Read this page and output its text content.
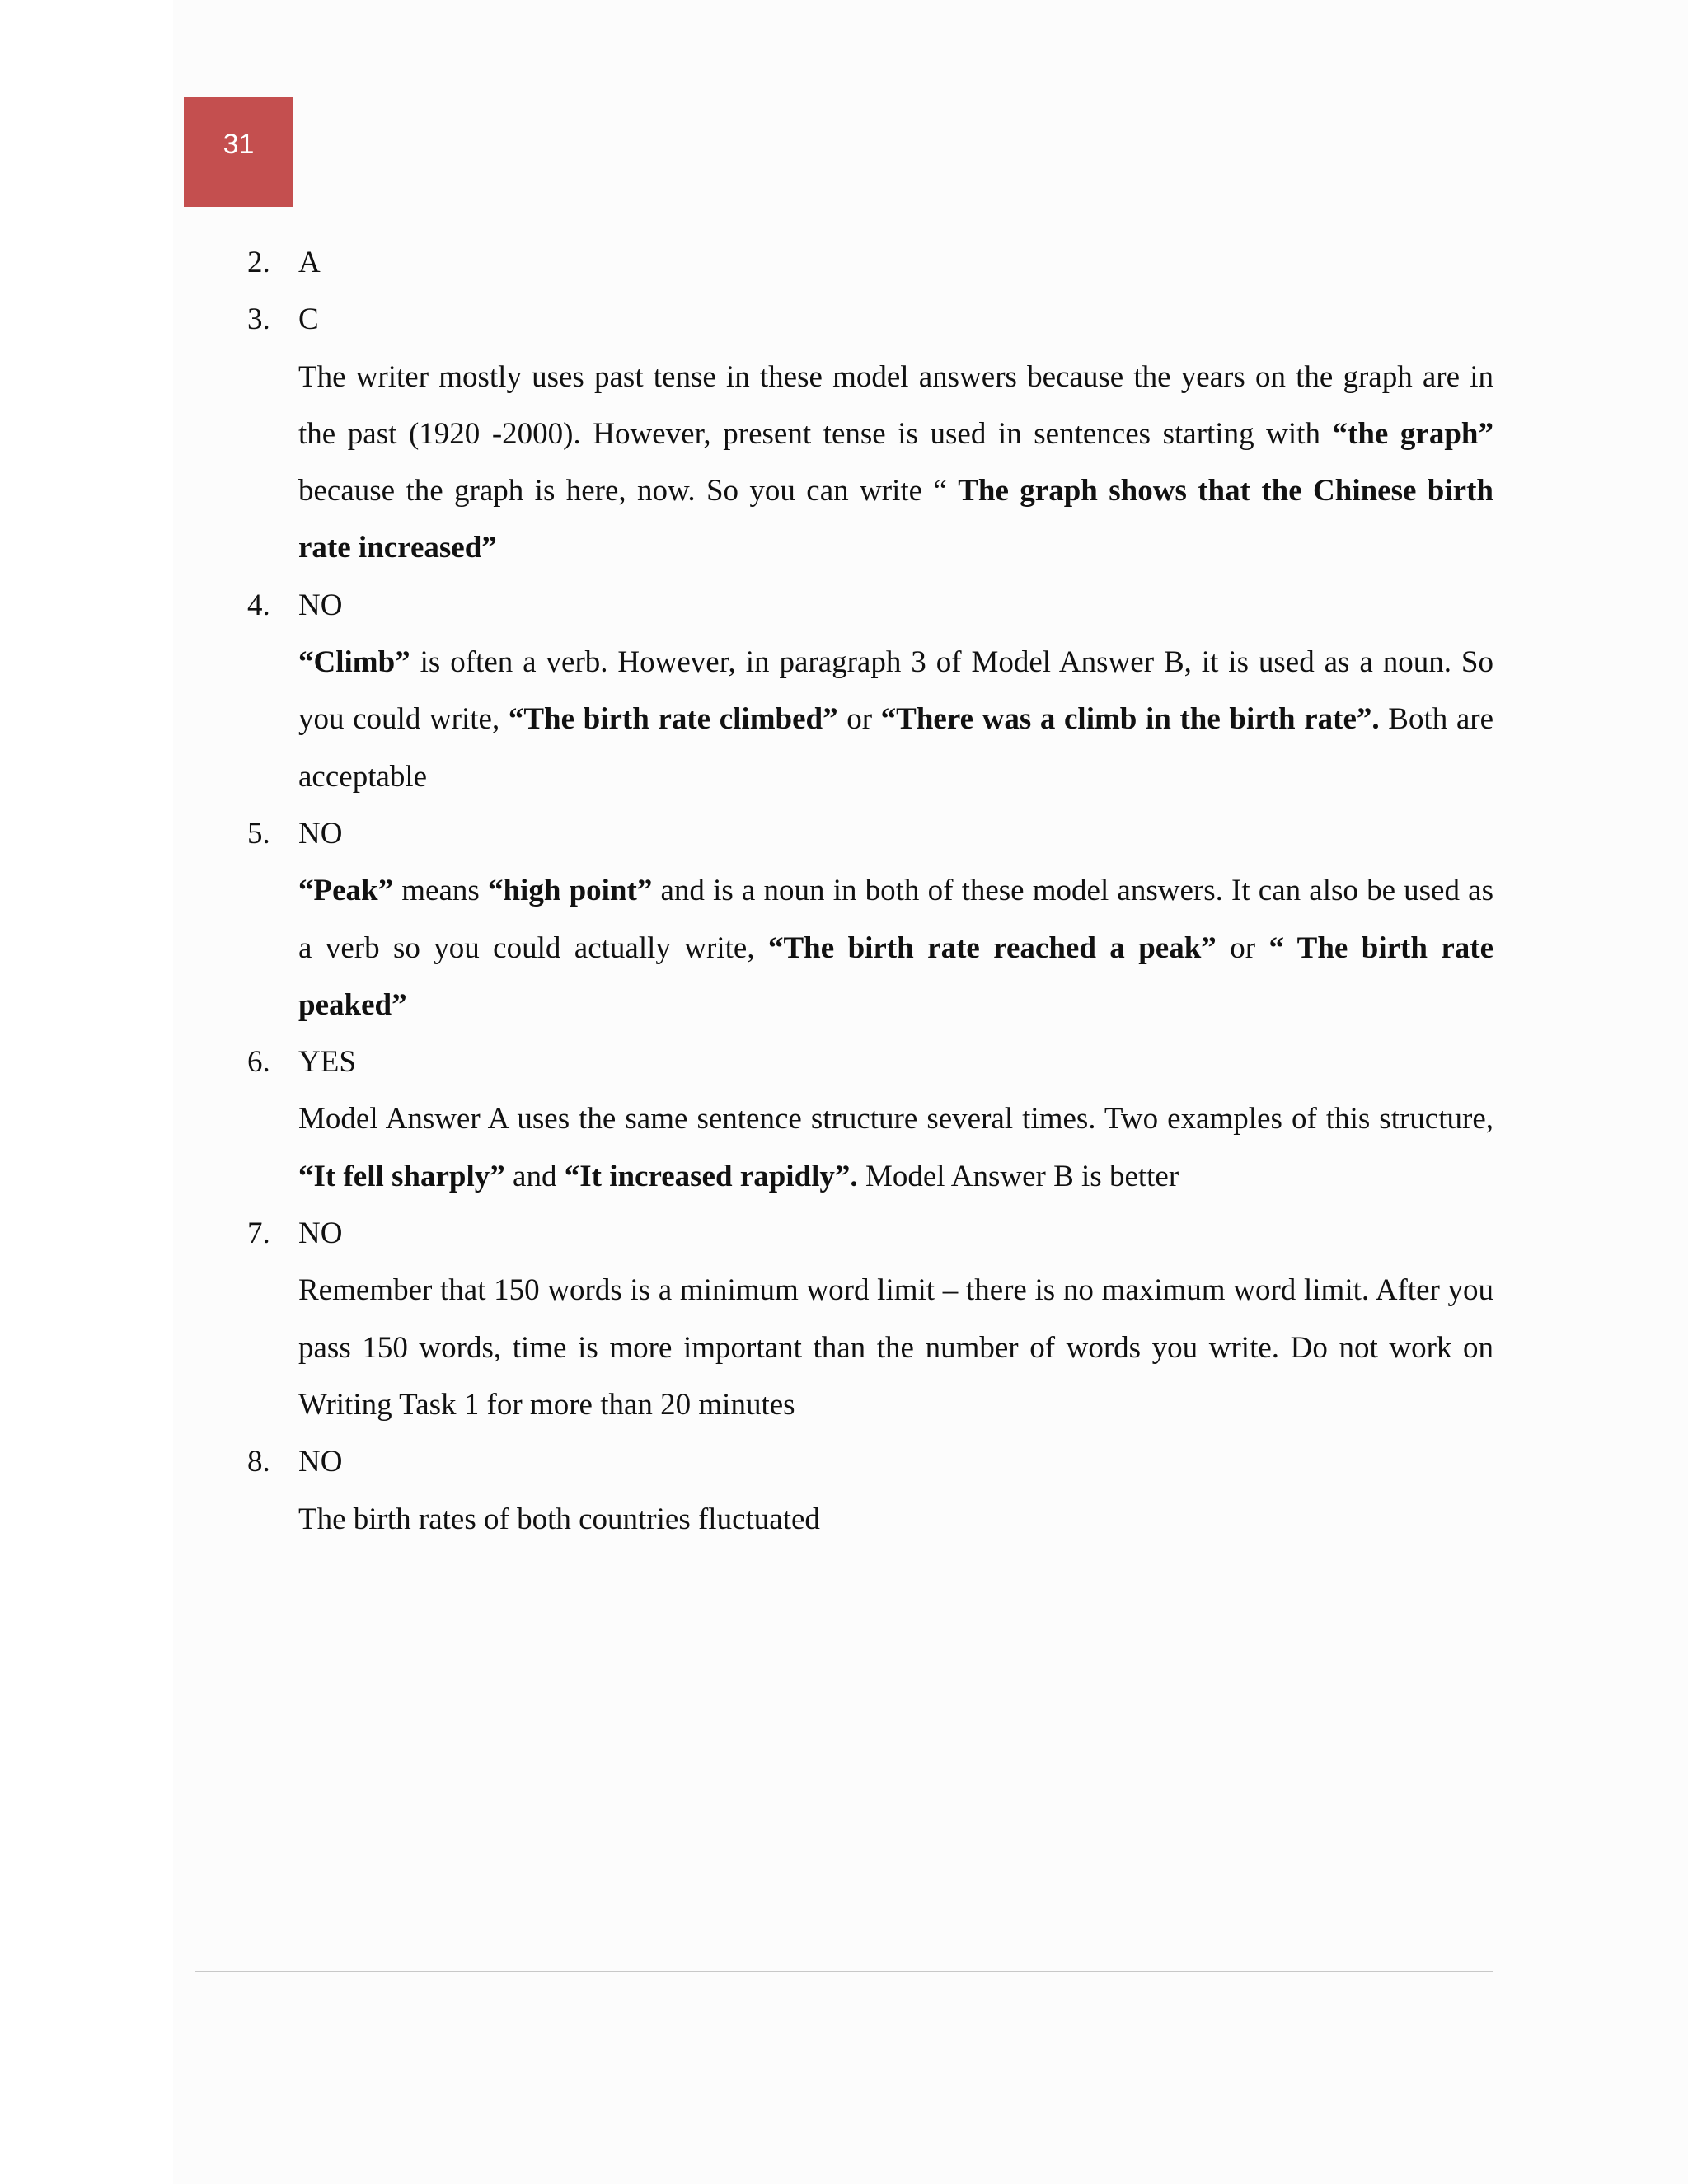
31
2. A
3. C
The writer mostly uses past tense in these model answers because the years on the graph are in the past (1920 -2000). However, present tense is used in sentences starting with “the graph” because the graph is here, now. So you can write “ The graph shows that the Chinese birth rate increased”
4. NO
“Climb” is often a verb. However, in paragraph 3 of Model Answer B, it is used as a noun. So you could write, “The birth rate climbed” or “There was a climb in the birth rate”. Both are acceptable
5. NO
“Peak” means “high point” and is a noun in both of these model answers. It can also be used as a verb so you could actually write, “The birth rate reached a peak” or “ The birth rate peaked”
6. YES
Model Answer A uses the same sentence structure several times. Two examples of this structure, “It fell sharply” and “It increased rapidly”. Model Answer B is better
7. NO
Remember that 150 words is a minimum word limit – there is no maximum word limit. After you pass 150 words, time is more important than the number of words you write. Do not work on Writing Task 1 for more than 20 minutes
8. NO
The birth rates of both countries fluctuated
